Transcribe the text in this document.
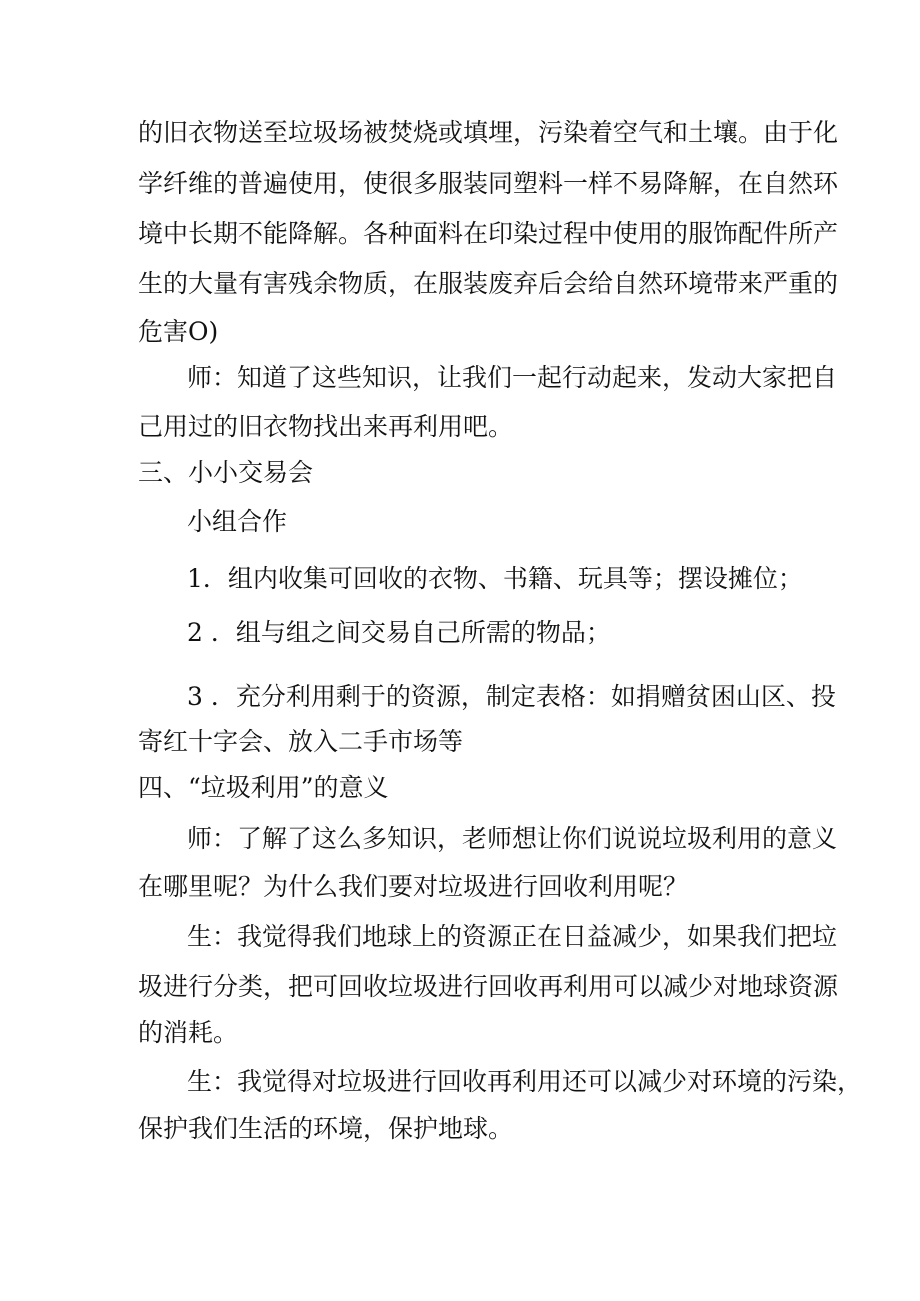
的旧衣物送至垃圾场被焚烧或填埋，污染着空气和土壤。由于化
学纤维的普遍使用，使很多服装同塑料一样不易降解，在自然环
境中长期不能降解。各种面料在印染过程中使用的服饰配件所产
生的大量有害残余物质，在服装废弃后会给自然环境带来严重的
危害O)
师：知道了这些知识，让我们一起行动起来，发动大家把自
己用过的旧衣物找出来再利用吧。
三、小小交易会
小组合作
1．组内收集可回收的衣物、书籍、玩具等；摆设摊位；
2 ．组与组之间交易自己所需的物品；
3 ．充分利用剩于的资源，制定表格：如捐赠贫困山区、投
寄红十字会、放入二手市场等
四、“垃圾利用”的意义
师：了解了这么多知识，老师想让你们说说垃圾利用的意义
在哪里呢？为什么我们要对垃圾进行回收利用呢？
生：我觉得我们地球上的资源正在日益减少，如果我们把垃
圾进行分类，把可回收垃圾进行回收再利用可以减少对地球资源
的消耗。
生：我觉得对垃圾进行回收再利用还可以减少对环境的污染，
保护我们生活的环境，保护地球。
